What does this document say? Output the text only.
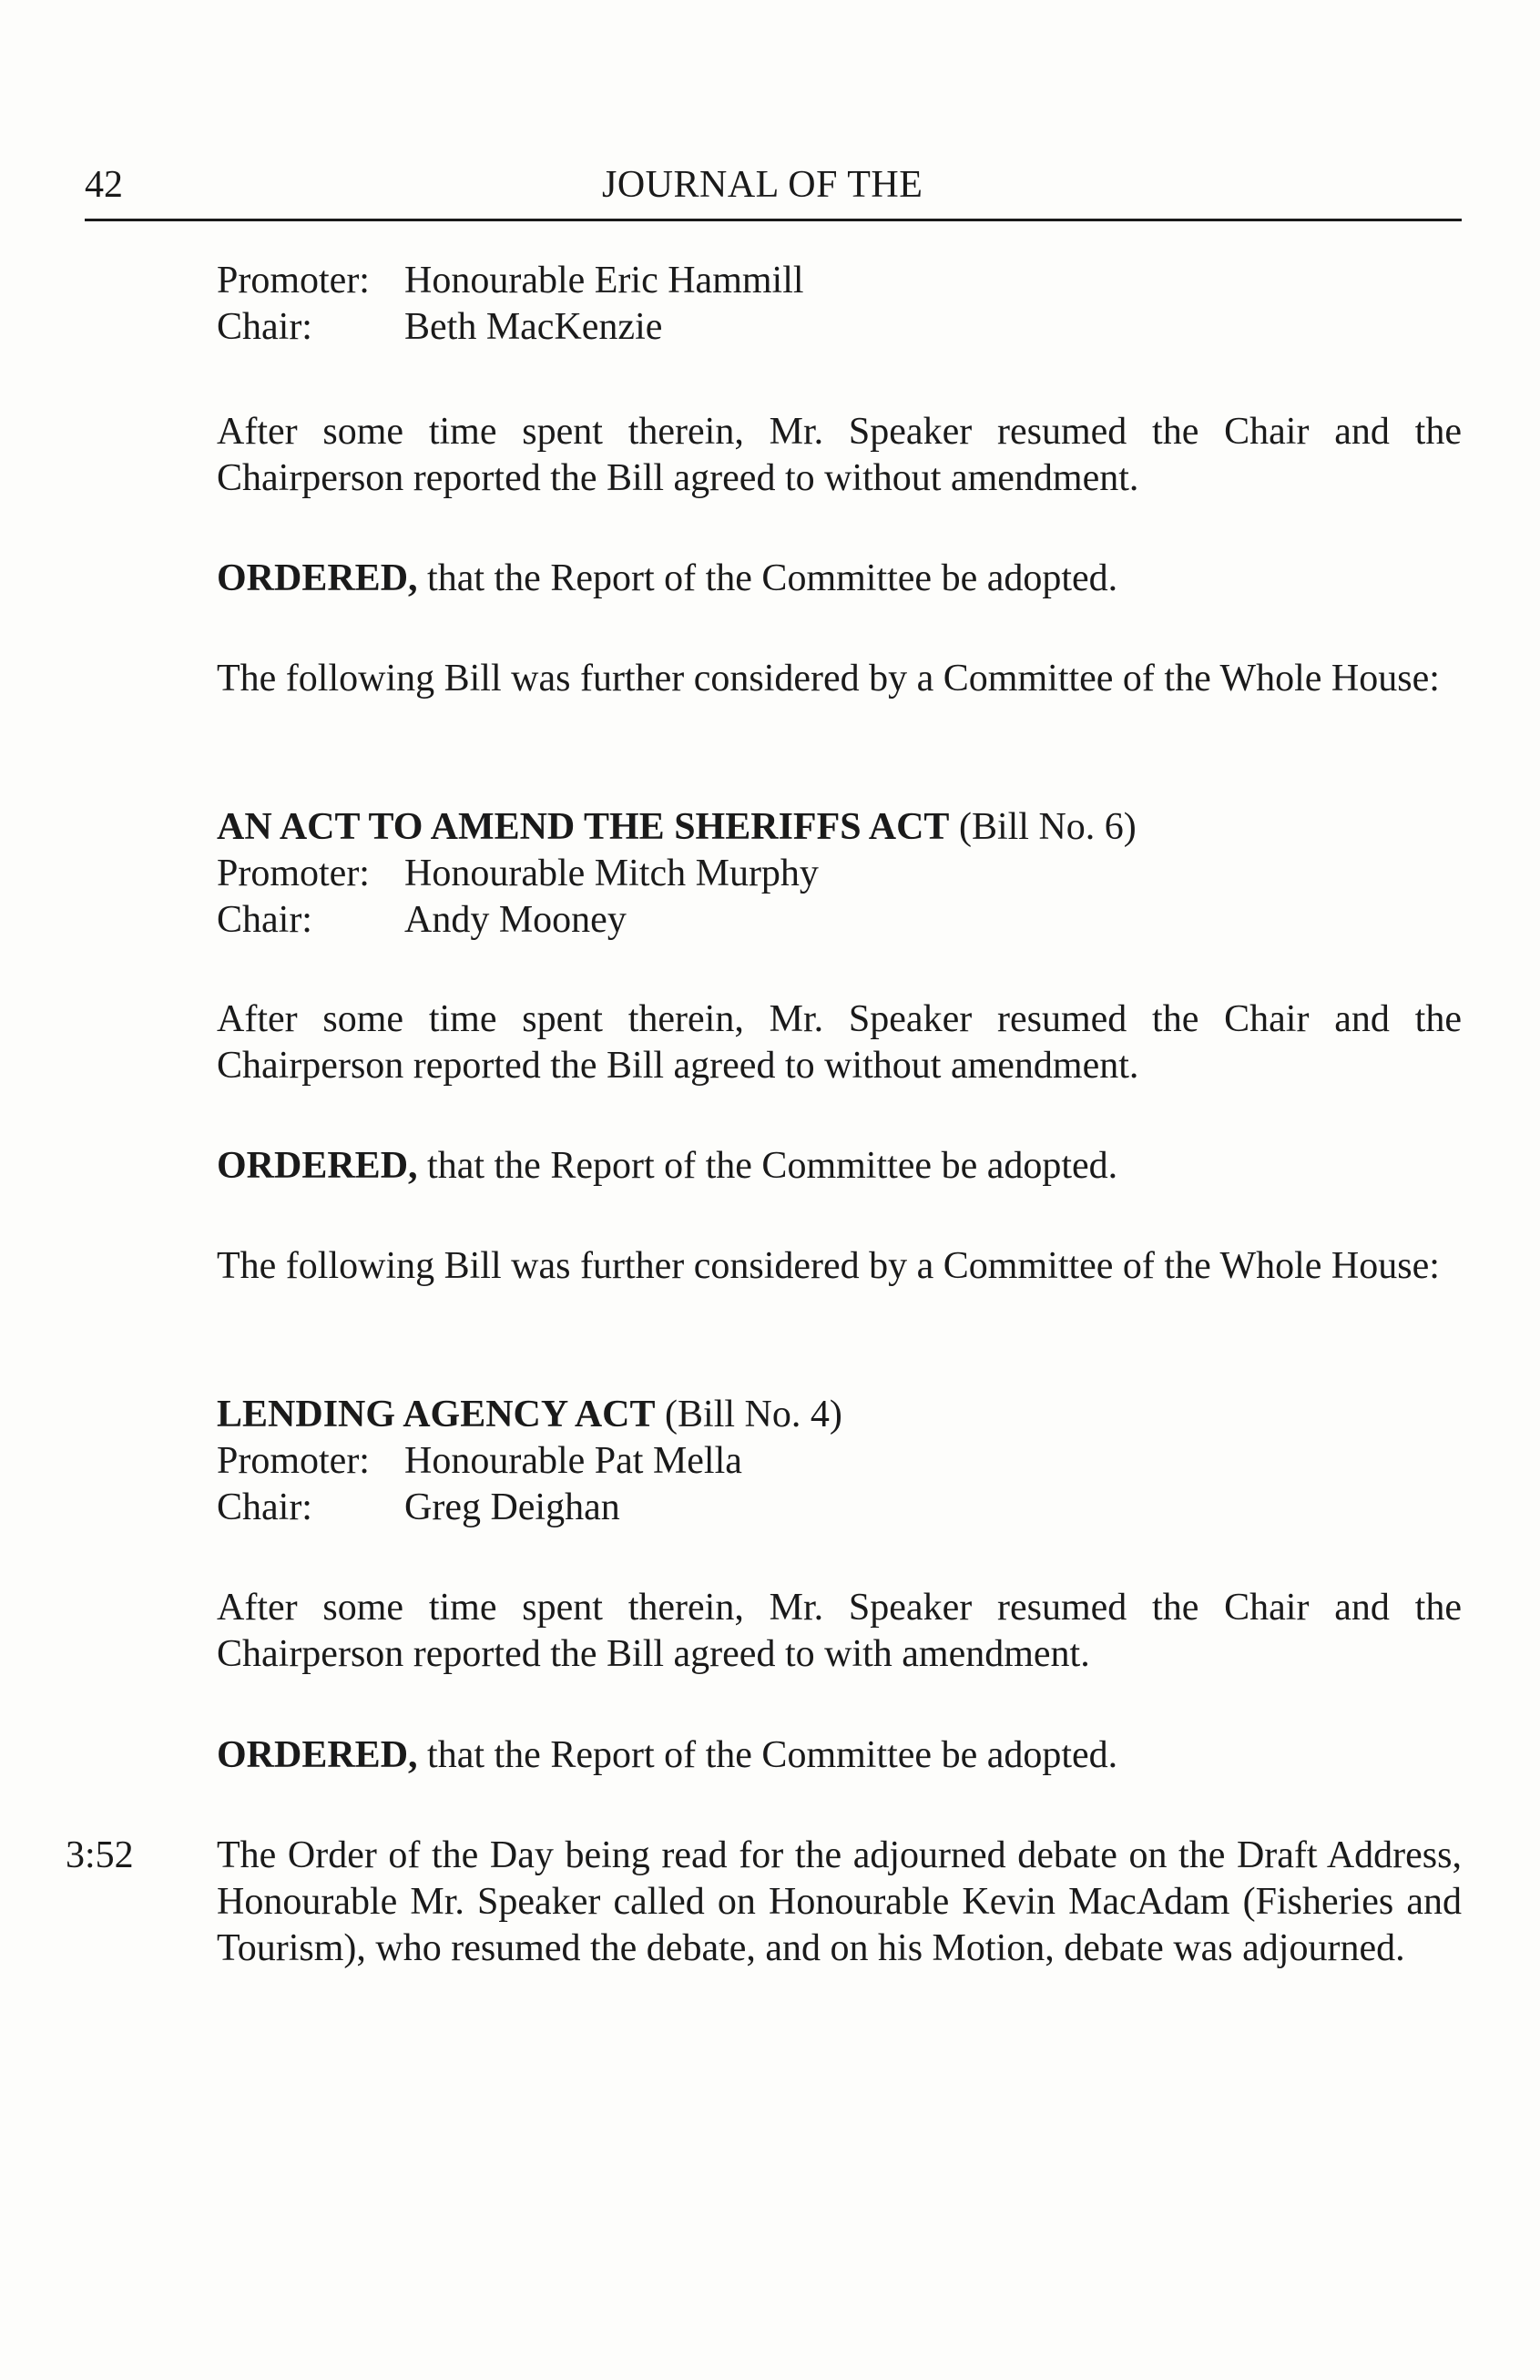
42	JOURNAL OF THE
Promoter: Honourable Eric Hammill
Chair:	Beth MacKenzie

After some time spent therein, Mr. Speaker resumed the Chair and the Chairperson reported the Bill agreed to without amendment.

ORDERED, that the Report of the Committee be adopted.

The following Bill was further considered by a Committee of the Whole House:

AN ACT TO AMEND THE SHERIFFS ACT (Bill No. 6)
Promoter: Honourable Mitch Murphy
Chair:	Andy Mooney

After some time spent therein, Mr. Speaker resumed the Chair and the Chairperson reported the Bill agreed to without amendment.

ORDERED, that the Report of the Committee be adopted.

The following Bill was further considered by a Committee of the Whole House:

LENDING AGENCY ACT (Bill No. 4)
Promoter: Honourable Pat Mella
Chair:	Greg Deighan

After some time spent therein, Mr. Speaker resumed the Chair and the Chairperson reported the Bill agreed to with amendment.

ORDERED, that the Report of the Committee be adopted.

3:52 The Order of the Day being read for the adjourned debate on the Draft Address, Honourable Mr. Speaker called on Honourable Kevin MacAdam (Fisheries and Tourism), who resumed the debate, and on his Motion, debate was adjourned.
